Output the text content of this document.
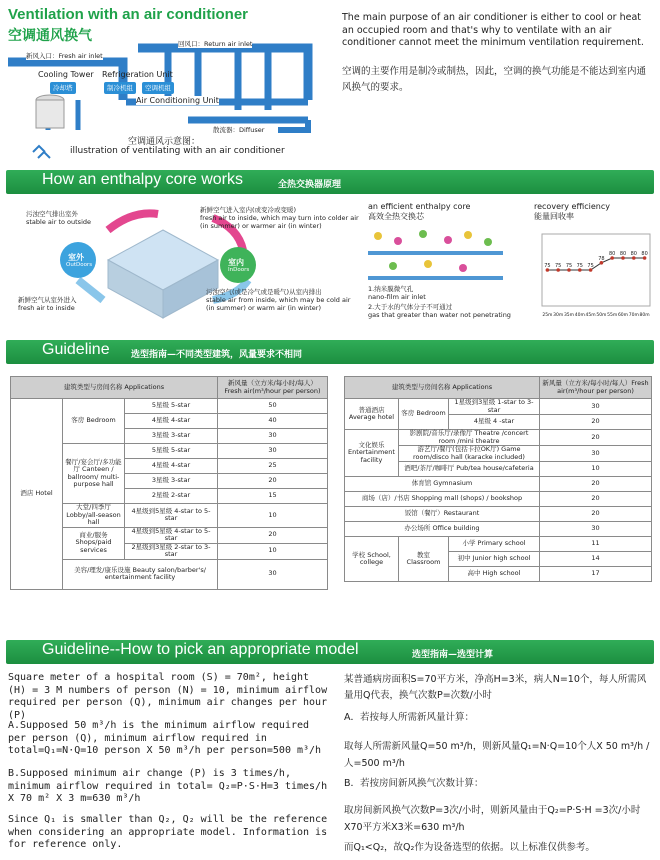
Ventilation with an air conditioner
空调通风换气
The main purpose of an air conditioner is either to cool or heat an occupied room and that's why to ventilate with an air conditioner cannot meet the minimum ventilation requirement.
空调的主要作用是制冷或制热，因此，空调的换气功能是不能达到室内通风换气的要求。
新风入口：Fresh air inlet
回风口：Return air inlet
Cooling Tower Refrigeration Unit
冷却塔	制冷机组	空调机组
Air Conditioning Unit
散流器：Diffuser
空调通风示意图：
illustration of ventilating with an air conditioner
How an enthalpy core works	全热交换器原理
污浊空气排出室外
stable air to outside
新鲜空气进入室内(或变冷或变暖)
fresh air to inside, which may turn into colder air (in summer) or warmer air (in winter)
室外
OutDoors	室内
InDoors
新鲜空气从室外进入
fresh air to inside
污浊空气(或是冷气或是暖气)从室内排出
stable air from inside, which may be cold air (in summer) or warm air (in winter)
an efficient enthalpy core
高效全热交换芯
1.纳米膜微气孔
nano-film air inlet
2.大于水的气体分子不可通过
gas that greater than water not penetrating
recovery efficiency
能量回收率
75
25m
75
30m
75
35m
75
40m
75
45m
78
50m
80
55m
80
60m
80
70m
80
80m
Guideline 选型指南—不同类型建筑，风量要求不相同
建筑类型与房间名称 Applications			新风量（立方米/每小时/每人）Fresh air(m³/hour per person)
酒店 Hotel	客房 Bedroom	5星级 5-star	50
		4星级 4-star	40
		3星级 3-star	30
	餐厅/宴会厅/多功能厅 Canteen / ballroom/ multi- purpose hall	5星级 5-star	30
		4星级 4-star	25
		3星级 3-star	20
		2星级 2-star	15
	大堂/四季厅 Lobby/all-season hall	4星级到5星级 4-star to 5-star	10
	商业/服务 Shops/paid services	4星级到5星级 4-star to 5-star	20
		2星级到3星级 2-star to 3-star	10
	美容/理发/康乐设施 Beauty salon/barber's/ entertainment facility		30
建筑类型与房间名称 Applications			新风量（立方米/每小时/每人）Fresh air(m³/hour per person)
普通酒店 Average hotel	客房 Bedroom	1星级到3星级 1-star to 3-star	30
		4星级 4 -star	20
文化娱乐 Entertainment facility	影剧院/音乐厅/录像厅 Theatre /concert room /mini theatre		20
	游艺厅/餐厅(包括卡拉OK厅) Game room/disco hall (karacke included)		30
	酒吧/茶厅/咖啡厅 Pub/tea house/cafeteria		10
体育馆 Gymnasium			20
商场（店）/书店 Shopping mall (shops) / bookshop			20
饭馆（餐厅）Restaurant			20
办公场所 Office building			30
学校 School, college	教室 Classroom	小学 Primary school	11
		初中 Junior high school	14
		高中 High school	17
Guideline--How to pick an appropriate model	选型指南—选型计算
Square meter of a hospital room (S) = 70m², height (H) = 3 M numbers of person (N) = 10, minimum airflow required per person (Q), minimum air changes per hour (P)
A.Supposed 50 m³/h is the minimum airflow required per person (Q), minimum airflow required in total=Q₁=N·Q=10 person X 50 m³/h per person=500 m³/h
B.Supposed minimum air change (P) is 3 times/h, minimum airflow required in total= Q₂=P·S·H=3 times/h X 70 m² X 3 m=630 m³/h
Since Q₁ is smaller than Q₂, Q₂ will be the reference when considering an appropriate model. Information is for reference only.
某普通病房面积S=70平方米，净高H=3米，病人N=10个，每人所需风量用Q代表，换气次数P=次数/小时
A．若按每人所需新风量计算：
取每人所需新风量Q=50 m³/h，则新风量Q₁=N·Q=10个人X 50 m³/h /人=500 m³/h
B．若按房间新风换气次数计算：
取房间新风换气次数P=3次/小时，则新风量由于Q₂=P·S·H =3次/小时X70平方米X3米=630 m³/h
而Q₁<Q₂，故Q₂作为设备选型的依据。以上标准仅供参考。
